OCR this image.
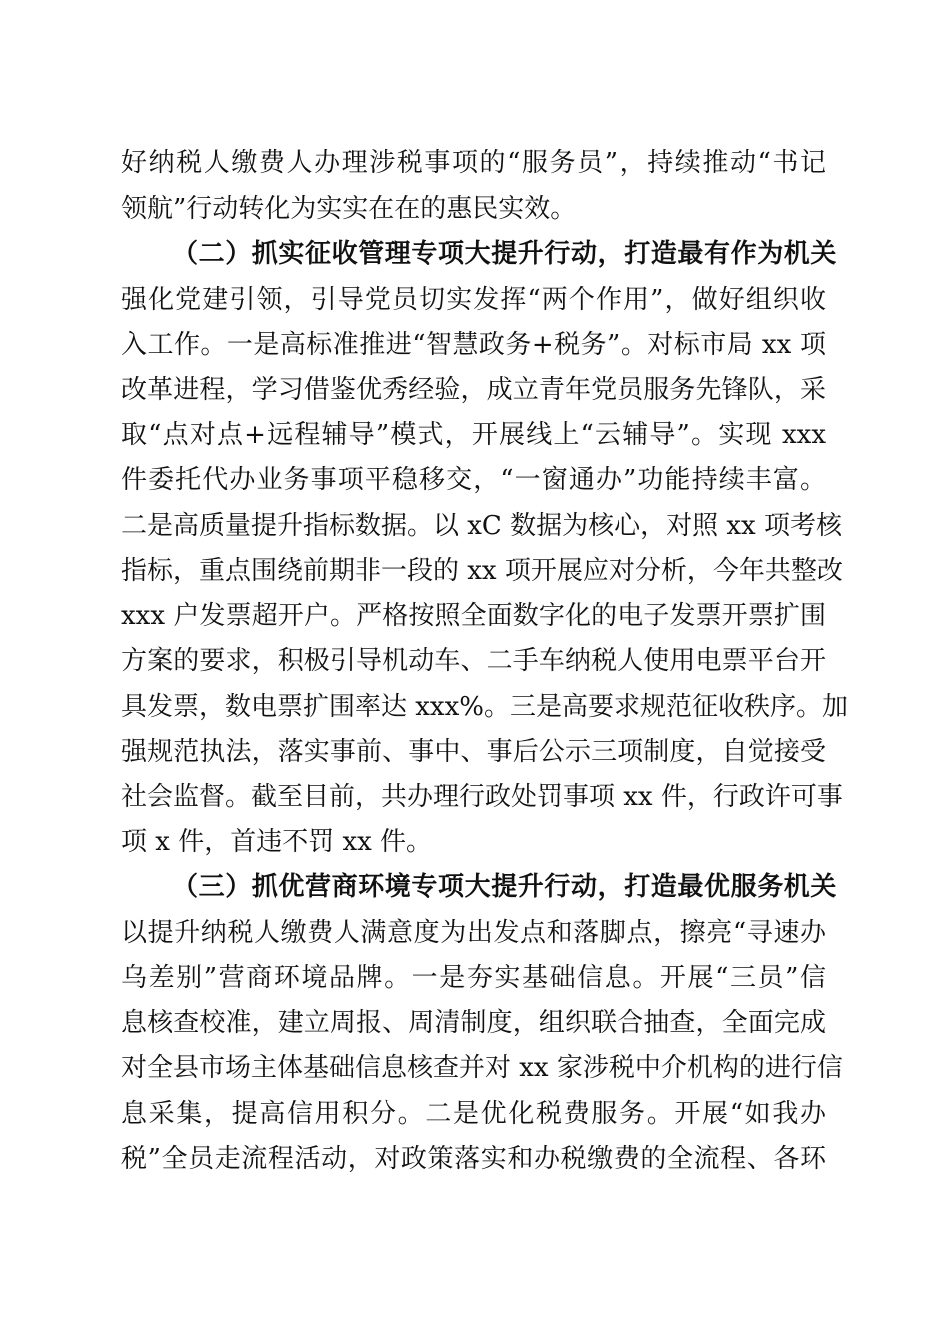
好纳税人缴费人办理涉税事项的“服务员”，持续推动“书记
领航”行动转化为实实在在的惠民实效。
（二）抓实征收管理专项大提升行动，打造最有作为机关
强化党建引领，引导党员切实发挥“两个作用”，做好组织收
入工作。一是高标准推进“智慧政务+税务”。对标市局 xx 项
改革进程，学习借鉴优秀经验，成立青年党员服务先锋队，采
取“点对点+远程辅导”模式，开展线上“云辅导”。实现 xxx
件委托代办业务事项平稳移交，“一窗通办”功能持续丰富。
二是高质量提升指标数据。以 xC 数据为核心，对照 xx 项考核
指标，重点围绕前期非一段的 xx 项开展应对分析，今年共整改
xxx 户发票超开户。严格按照全面数字化的电子发票开票扩围
方案的要求，积极引导机动车、二手车纳税人使用电票平台开
具发票，数电票扩围率达 xxx%。三是高要求规范征收秩序。加
强规范执法，落实事前、事中、事后公示三项制度，自觉接受
社会监督。截至目前，共办理行政处罚事项 xx 件，行政许可事
项 x 件，首违不罚 xx 件。
（三）抓优营商环境专项大提升行动，打造最优服务机关
以提升纳税人缴费人满意度为出发点和落脚点，擦亮“寻速办
乌差别”营商环境品牌。一是夯实基础信息。开展“三员”信
息核查校准，建立周报、周清制度，组织联合抽查，全面完成
对全县市场主体基础信息核查并对 xx 家涉税中介机构的进行信
息采集，提高信用积分。二是优化税费服务。开展“如我办
税”全员走流程活动，对政策落实和办税缴费的全流程、各环
